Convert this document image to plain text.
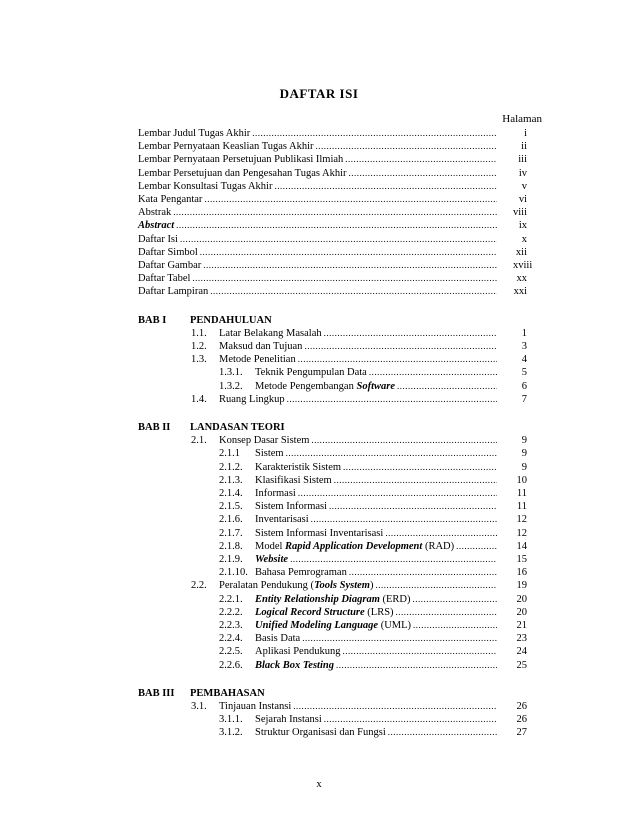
DAFTAR ISI
Halaman
Lembar Judul Tugas Akhir .....	i
Lembar Pernyataan Keaslian Tugas Akhir .....	ii
Lembar Pernyataan Persetujuan Publikasi Ilmiah .....	iii
Lembar Persetujuan dan Pengesahan Tugas Akhir .....	iv
Lembar Konsultasi Tugas Akhir .....	v
Kata Pengantar .....	vi
Abstrak .....	viii
Abstract .....	ix
Daftar Isi .....	x
Daftar Simbol .....	xii
Daftar Gambar .....	xviii
Daftar Tabel .....	xx
Daftar Lampiran .....	xxi
BAB I PENDAHULUAN
1.1.	Latar Belakang Masalah .....	1
1.2.	Maksud dan Tujuan .....	3
1.3.	Metode Penelitian .....	4
1.3.1.	Teknik Pengumpulan Data .....	5
1.3.2.	Metode Pengembangan Software .....	6
1.4.	Ruang Lingkup .....	7
BAB II LANDASAN TEORI
2.1.	Konsep Dasar Sistem .....	9
2.1.1	Sistem .....	9
2.1.2.	Karakteristik Sistem .....	9
2.1.3.	Klasifikasi Sistem .....	10
2.1.4.	Informasi .....	11
2.1.5.	Sistem Informasi .....	11
2.1.6.	Inventarisasi .....	12
2.1.7.	Sistem Informasi Inventarisasi .....	12
2.1.8.	Model Rapid Application Development (RAD) .....	14
2.1.9.	Website .....	15
2.1.10. Bahasa Pemrograman .....	16
2.2.	Peralatan Pendukung (Tools System) .....	19
2.2.1.	Entity Relationship Diagram (ERD) .....	20
2.2.2.	Logical Record Structure (LRS) .....	20
2.2.3.	Unified Modeling Language (UML) .....	21
2.2.4.	Basis Data .....	23
2.2.5.	Aplikasi Pendukung .....	24
2.2.6.	Black Box Testing .....	25
BAB III PEMBAHASAN
3.1.	Tinjauan Instansi .....	26
3.1.1.	Sejarah Instansi .....	26
3.1.2.	Struktur Organisasi dan Fungsi .....	27
x
